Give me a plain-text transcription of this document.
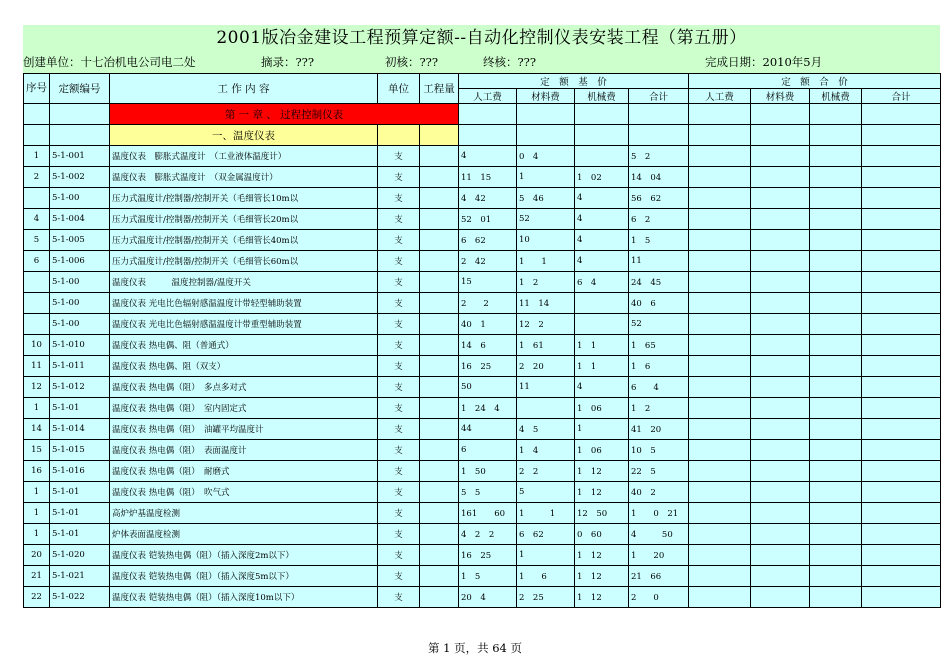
2001版冶金建设工程预算定额--自动化控制仪表安装工程（第五册）
创建单位：十七冶机电公司电二处	摘录：???	初核：???	终核：???	完成日期：2010年5月
序号	定额编号	工 作 内 容	单位	工程量	定　额　基　价				定　额　合　价			
					人工费	材料费	机械费	合计	人工费	材料费	机械费	合计
		第 一 章 、 过程控制仪表										
		一、温度仪表										
1	5-1-001	温度仪表　膨胀式温度计　（工业液体温度计）	支		4	0　4		5　2				
2	5-1-002	温度仪表　膨胀式温度计　（双金属温度计）	支		11　15	1	1　02	14　04				
	5-1-00	压力式温度计/控制器/控制开关（毛细管长10m以	支		4　42	5　46	4	56　62				
4	5-1-004	压力式温度计/控制器/控制开关（毛细管长20m以	支		52　01	52	4	6　2				
5	5-1-005	压力式温度计/控制器/控制开关（毛细管长40m以	支		6　62	10	4	1　5				
6	5-1-006	压力式温度计/控制器/控制开关（毛细管长60m以	支		2　42	1　　1	4	11				
	5-1-00	温度仪表　　　温度控制器/温度开关	支		15	1　2	6　4	24　45				
	5-1-00	温度仪表 光电比色辐射感温温度计带轻型辅助装置	支		2　　2	11　14		40　6				
	5-1-00	温度仪表 光电比色辐射感温温度计带重型辅助装置	支		40　1	12　2		52				
10	5-1-010	温度仪表 热电偶、阻（普通式）	支		14　6	1　61	1　1	1　65				
11	5-1-011	温度仪表 热电偶、阻（双支）	支		16　25	2　20	1　1	1　6				
12	5-1-012	温度仪表 热电偶（阻）　多点多对式	支		50	11	4	6　　4				
1	5-1-01	温度仪表 热电偶（阻）　室内固定式	支		1　24　4		1　06	1　2				
14	5-1-014	温度仪表 热电偶（阻）　油罐平均温度计	支		44	4　5	1	41　20				
15	5-1-015	温度仪表 热电偶（阻）　表面温度计	支		6	1　4	1　06	10　5				
16	5-1-016	温度仪表 热电偶（阻）　耐磨式	支		1　50	2　2	1　12	22　5				
1	5-1-01	温度仪表 热电偶（阻）　吹气式	支		5　5	5	1　12	40　2				
1	5-1-01	高炉炉基温度检测	支		161　　60	1　　　1	12　50	1　　0　21				
1	5-1-01	炉体表面温度检测	支		4　2　2	6　62	0　60	4　　　50				
20	5-1-020	温度仪表 铠装热电偶（阻）（插入深度2m以下）	支		16　25	1	1　12	1　　20				
21	5-1-021	温度仪表 铠装热电偶（阻）（插入深度5m以下）	支		1　5	1　　6	1　12	21　66				
22	5-1-022	温度仪表 铠装热电偶（阻）（插入深度10m以下）	支		20　4	2　25	1　12	2　　0				
第 1 页，共 64 页
